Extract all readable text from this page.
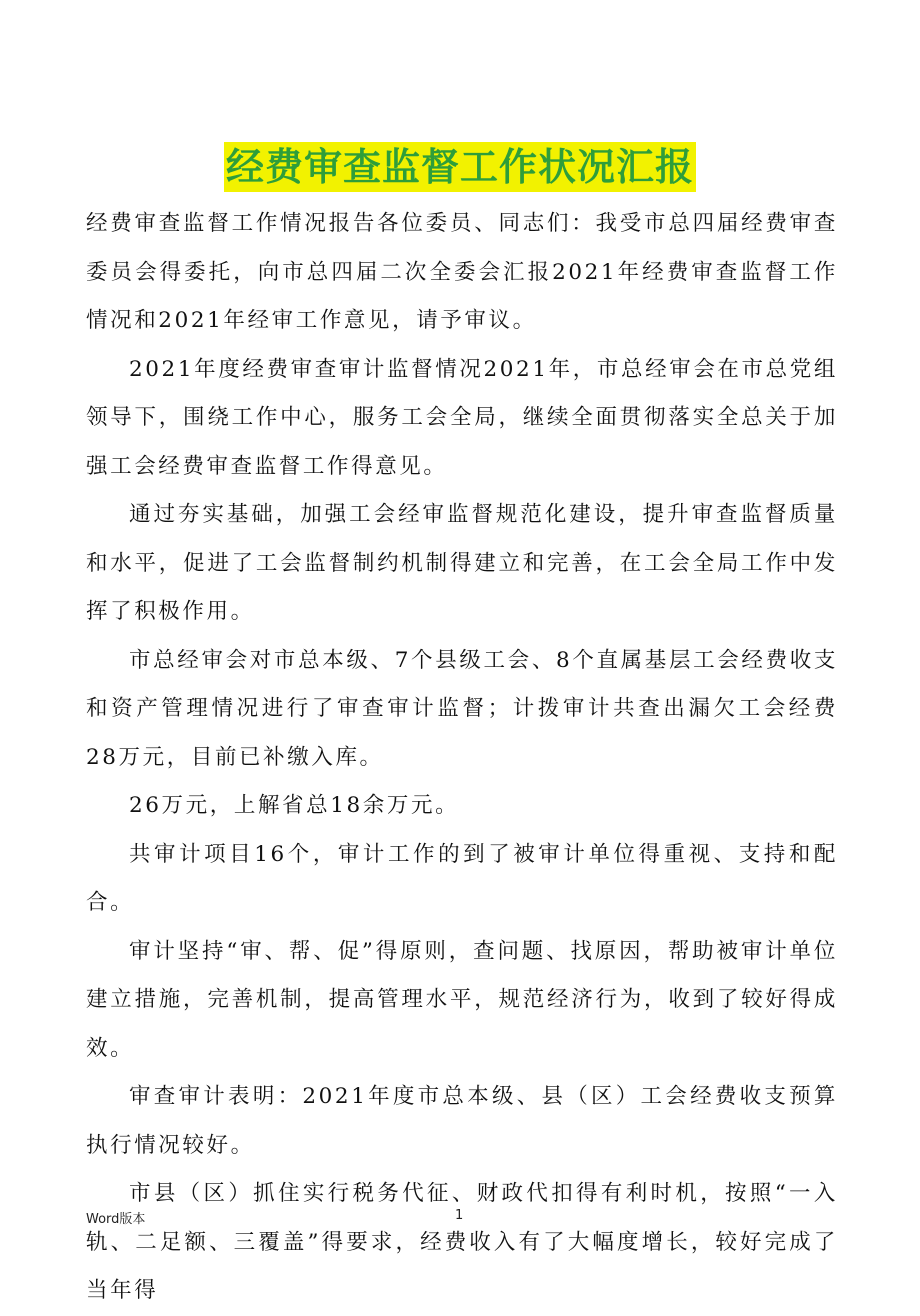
经费审查监督工作状况汇报

经费审查监督工作情况报告各位委员、同志们：我受市总四届经费审查委员会得委托，向市总四届二次全委会汇报2021年经费审查监督工作情况和2021年经审工作意见，请予审议。

2021年度经费审查审计监督情况2021年，市总经审会在市总党组领导下，围绕工作中心，服务工会全局，继续全面贯彻落实全总关于加强工会经费审查监督工作得意见。

通过夯实基础，加强工会经审监督规范化建设，提升审查监督质量和水平，促进了工会监督制约机制得建立和完善，在工会全局工作中发挥了积极作用。

市总经审会对市总本级、7个县级工会、8个直属基层工会经费收支和资产管理情况进行了审查审计监督；计拨审计共查出漏欠工会经费28万元，目前已补缴入库。

26万元，上解省总18余万元。

共审计项目16个，审计工作的到了被审计单位得重视、支持和配合。

审计坚持“审、帮、促”得原则，查问题、找原因，帮助被审计单位建立措施，完善机制，提高管理水平，规范经济行为，收到了较好得成效。

审查审计表明：2021年度市总本级、县（区）工会经费收支预算执行情况较好。

市县（区）抓住实行税务代征、财政代扣得有利时机，按照“一入轨、二足额、三覆盖”得要求，经费收入有了大幅度增长，较好完成了当年得

Word版本	1
